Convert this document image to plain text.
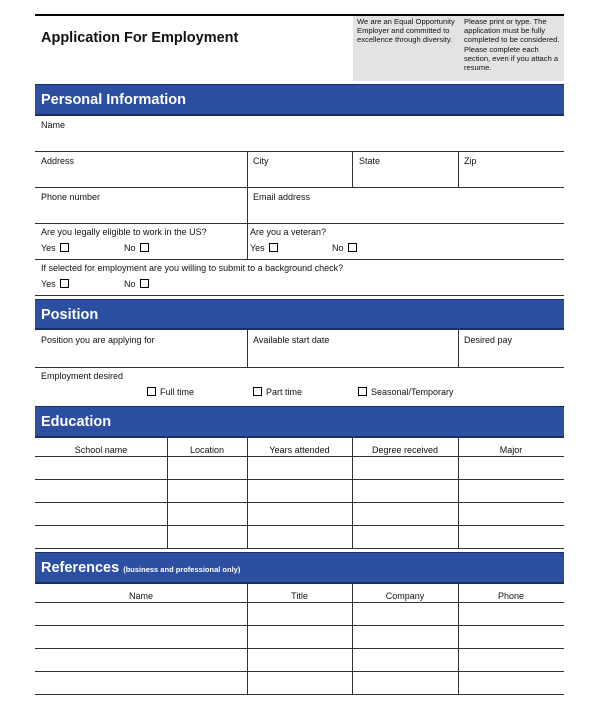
Application For Employment
We are an Equal Opportunity Employer and committed to excellence through diversity.
Please print or type. The application must be fully completed to be considered. Please complete each section, even if you attach a resume.
Personal Information
Name
Address	City	State	Zip
Phone number	Email address
Are you legally eligible to work in the US?	Are you a veteran?
Yes	No	Yes	No
If selected for employment are you willing to submit to a background check?
Yes	No
Position
Position you are applying for	Available start date	Desired pay
Employment desired
Full time	Part time	Seasonal/Temporary
Education
School name	Location	Years attended	Degree received	Major
References (business and professional only)
Name	Title	Company	Phone
